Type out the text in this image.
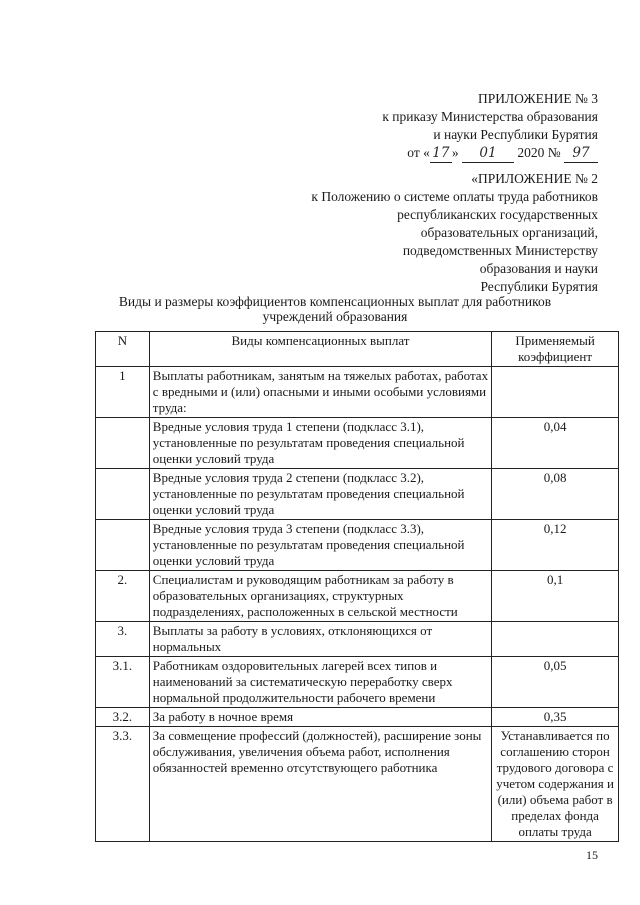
ПРИЛОЖЕНИЕ № 3
к приказу Министерства образования
и науки Республики Бурятия
от « 17 » 01 2020 № 97
«ПРИЛОЖЕНИЕ № 2
к Положению о системе оплаты труда работников
республиканских государственных
образовательных организаций,
подведомственных Министерству
образования и науки
Республики Бурятия
Виды и размеры коэффициентов компенсационных выплат для работников
учреждений образования
N	Виды компенсационных выплат	Применяемый коэффициент
1	Выплаты работникам, занятым на тяжелых работах, работах с вредными и (или) опасными и иными особыми условиями труда:	
	Вредные условия труда 1 степени (подкласс 3.1), установленные по результатам проведения специальной оценки условий труда	0,04
	Вредные условия труда 2 степени (подкласс 3.2), установленные по результатам проведения специальной оценки условий труда	0,08
	Вредные условия труда 3 степени (подкласс 3.3), установленные по результатам проведения специальной оценки условий труда	0,12
2.	Специалистам и руководящим работникам за работу в образовательных организациях, структурных подразделениях, расположенных в сельской местности	0,1
3.	Выплаты за работу в условиях, отклоняющихся от нормальных	
3.1.	Работникам оздоровительных лагерей всех типов и наименований за систематическую переработку сверх нормальной продолжительности рабочего времени	0,05
3.2.	За работу в ночное время	0,35
3.3.	За совмещение профессий (должностей), расширение зоны обслуживания, увеличения объема работ, исполнения обязанностей временно отсутствующего работника	Устанавливается по соглашению сторон трудового договора с учетом содержания и (или) объема работ в пределах фонда оплаты труда
15
